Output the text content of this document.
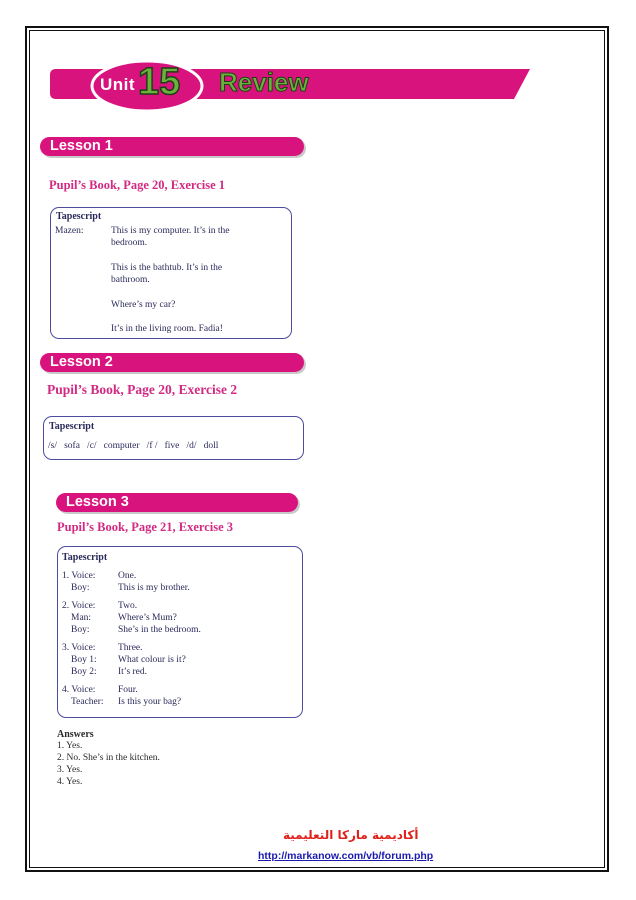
Unit 15 Review
Lesson 1
Pupil’s Book, Page 20, Exercise 1
Tapescript
Mazen:	This is my computer. It’s in the
bedroom.
This is the bathtub. It’s in the
bathroom.
Where’s my car?
It’s in the living room. Fadia!
Lesson 2
Pupil’s Book, Page 20, Exercise 2
Tapescript
/s/   sofa   /c/   computer   /f /   five   /d/   doll
Lesson 3
Pupil’s Book, Page 21, Exercise 3
Tapescript
1. Voice: One.
Boy:	This is my brother.
2. Voice: Two.
Man:	Where’s Mum?
Boy:	She’s in the bedroom.
3. Voice: Three.
Boy 1: What colour is it?
Boy 2: It’s red.
4. Voice: Four.
Teacher: Is this your bag?
Answers
1. Yes.
2. No. She’s in the kitchen.
3. Yes.
4. Yes.
أكاديمية ماركا التعليمية
http://markanow.com/vb/forum.php
